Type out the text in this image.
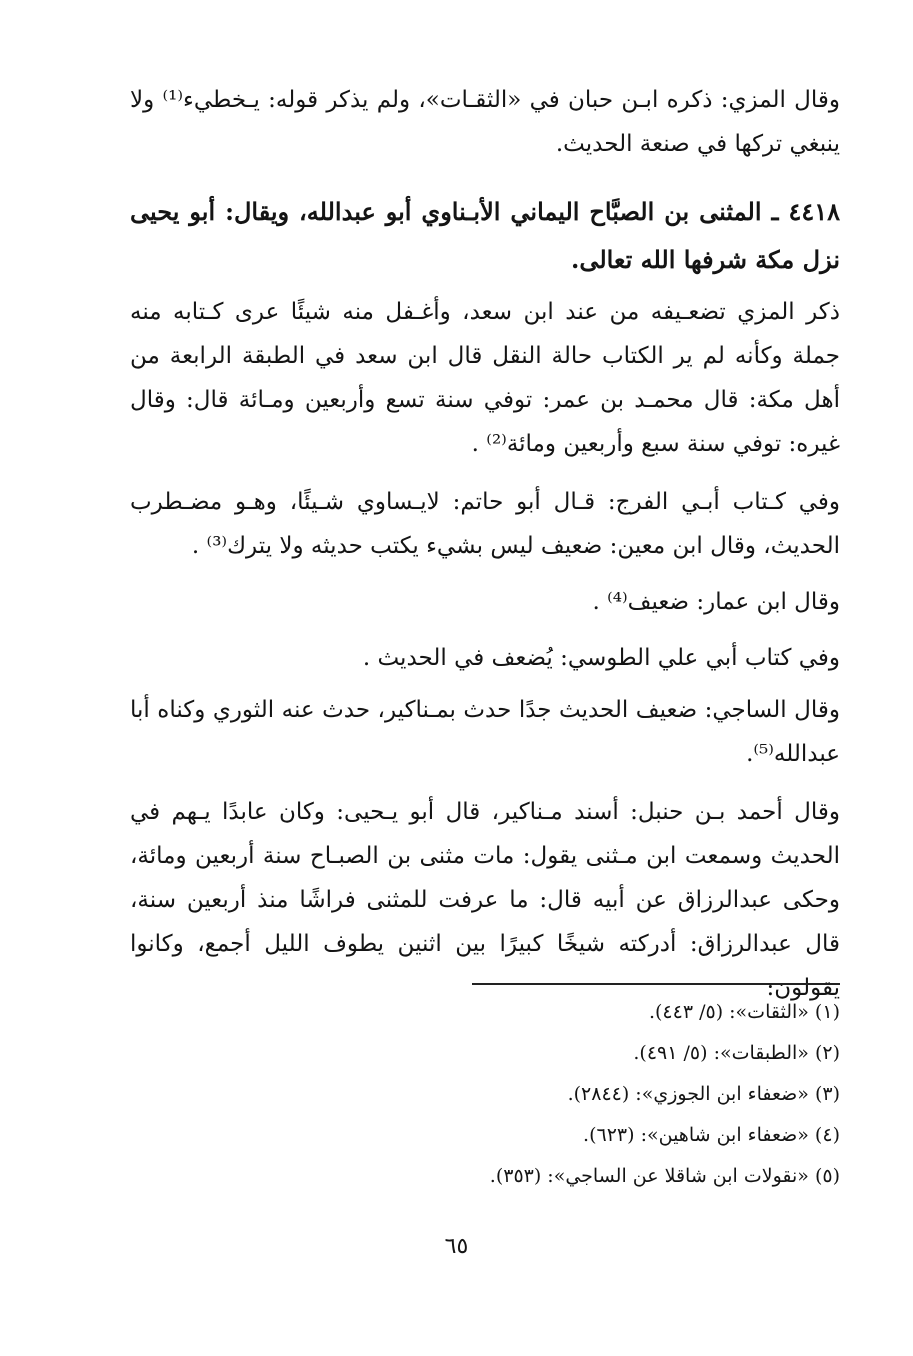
وقال المزي: ذكره ابـن حبان في «الثقـات»، ولم يذكر قوله: يـخطيء⁽¹⁾ ولا ينبغي تركها في صنعة الحديث.

٤٤١٨ ـ المثنى بن الصبَّاح اليماني الأبـناوي أبو عبدالله، ويقال: أبو يحيى نزل مكة شرفها الله تعالى.

ذكر المزي تضعـيفه من عند ابن سعد، وأغـفل منه شيئًا عرى كـتابه منه جملة وكأنه لم ير الكتاب حالة النقل قال ابن سعد في الطبقة الرابعة من أهل مكة: قال محمـد بن عمر: توفي سنة تسع وأربعين ومـائة قال: وقال غيره: توفي سنة سبع وأربعين ومائة⁽²⁾ .

وفي كـتاب أبـي الفرج: قـال أبو حاتم: لايـساوي شـيئًا، وهـو مضـطرب الحديث، وقال ابن معين: ضعيف ليس بشيء يكتب حديثه ولا يترك⁽³⁾ .

وقال ابن عمار: ضعيف⁽⁴⁾ .

وفي كتاب أبي علي الطوسي: يُضعف في الحديث .

وقال الساجي: ضعيف الحديث جدًا حدث بمـناكير، حدث عنه الثوري وكناه أبا عبدالله⁽⁵⁾.

وقال أحمد بـن حنبل: أسند مـناكير، قال أبو يـحيى: وكان عابدًا يـهم في الحديث وسمعت ابن مـثنى يقول: مات مثنى بن الصبـاح سنة أربعين ومائة، وحكى عبدالرزاق عن أبيه قال: ما عرفت للمثنى فراشًا منذ أربعين سنة، قال عبدالرزاق: أدركته شيخًا كبيرًا بين اثنين يطوف الليل أجمع، وكانوا يقولون:

(١) «الثقات»: (٥/ ٤٤٣).

(٢) «الطبقات»: (٥/ ٤٩١).

(٣) «ضعفاء ابن الجوزي»: (٢٨٤٤).

(٤) «ضعفاء ابن شاهين»: (٦٢٣).

(٥) «نقولات ابن شاقلا عن الساجي»: (٣٥٣).

٦٥
